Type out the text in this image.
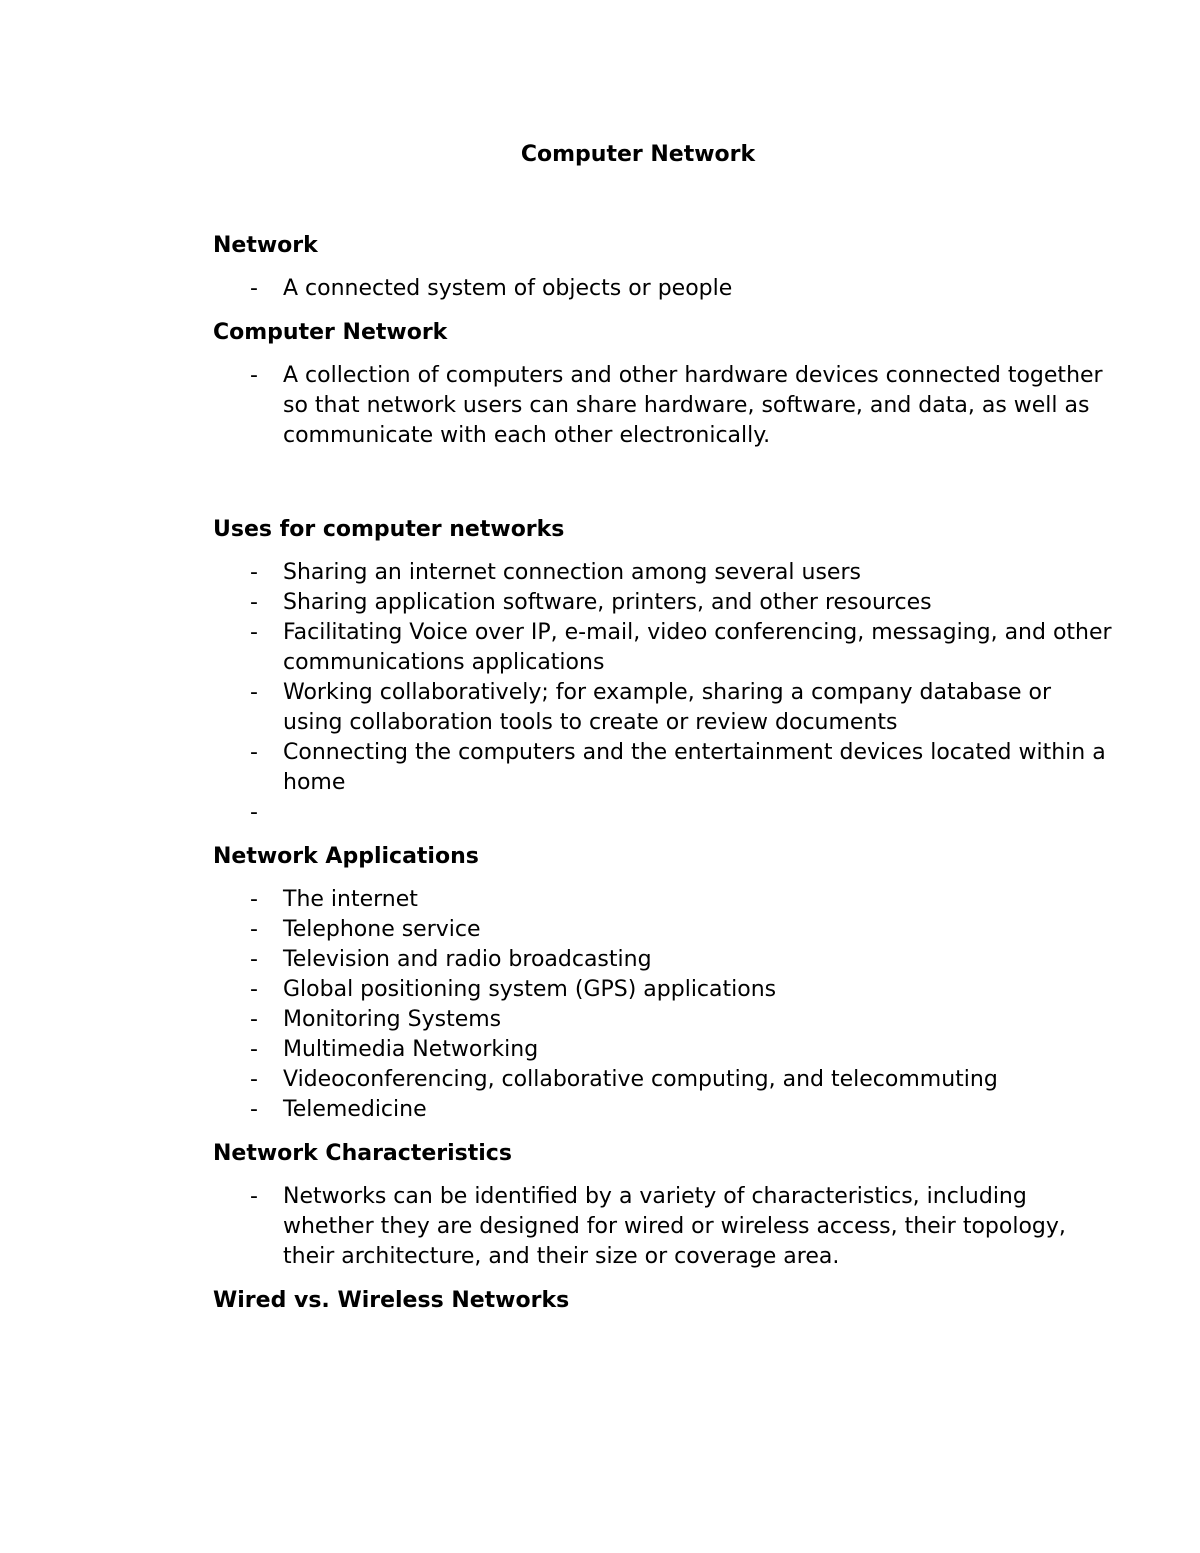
Computer Network
Network
- A connected system of objects or people
Computer Network
- A collection of computers and other hardware devices connected together so that network users can share hardware, software, and data, as well as communicate with each other electronically.
Uses for computer networks
- Sharing an internet connection among several users
- Sharing application software, printers, and other resources
- Facilitating Voice over IP, e-mail, video conferencing, messaging, and other communications applications
- Working collaboratively; for example, sharing a company database or using collaboration tools to create or review documents
- Connecting the computers and the entertainment devices located within a home
-

Network Applications
- The internet
- Telephone service
- Television and radio broadcasting
- Global positioning system (GPS) applications
- Monitoring Systems
- Multimedia Networking
- Videoconferencing, collaborative computing, and telecommuting
- Telemedicine
Network Characteristics
- Networks can be identified by a variety of characteristics, including whether they are designed for wired or wireless access, their topology, their architecture, and their size or coverage area.
Wired vs. Wireless Networks
